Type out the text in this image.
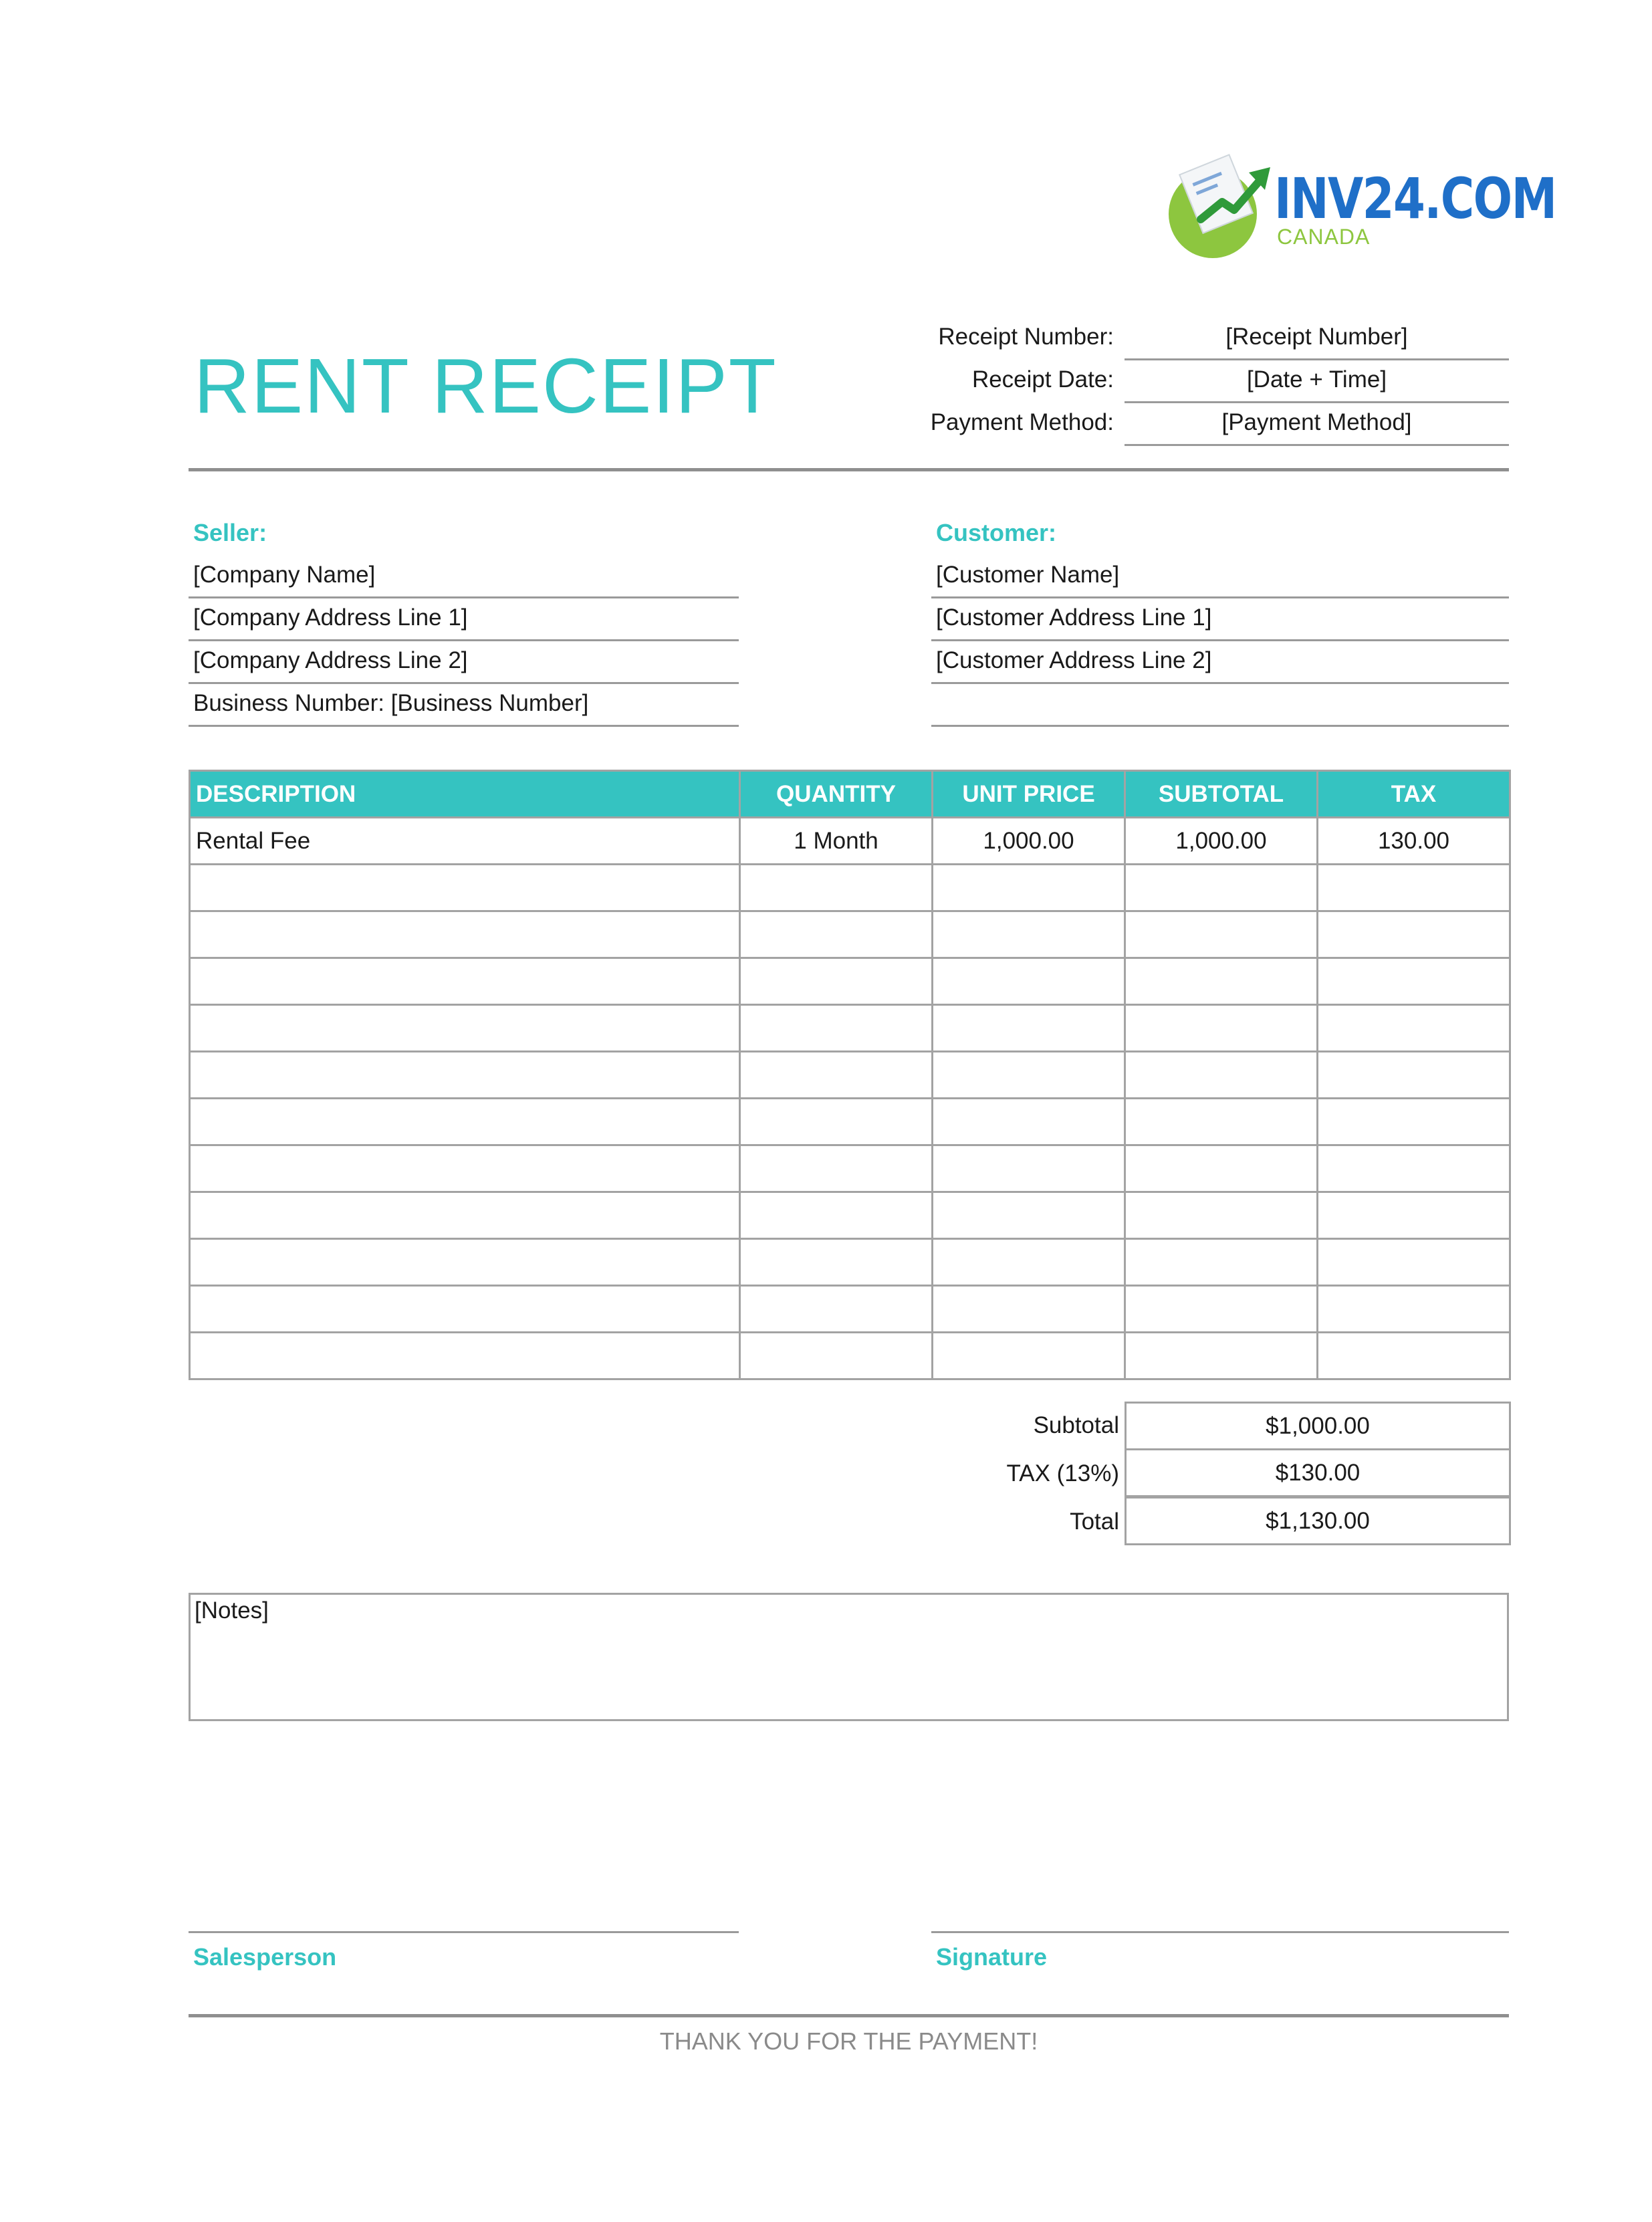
INV24.COM
CANADA
RENT RECEIPT
Receipt Number:	[Receipt Number]
Receipt Date:	[Date + Time]
Payment Method:	[Payment Method]
Seller:
[Company Name]
[Company Address Line 1]
[Company Address Line 2]
Business Number: [Business Number]
Customer:
[Customer Name]
[Customer Address Line 1]
[Customer Address Line 2]
DESCRIPTION	QUANTITY	UNIT PRICE	SUBTOTAL	TAX
Rental Fee	1 Month	1,000.00	1,000.00	130.00

Subtotal	$1,000.00
TAX (13%)	$130.00
Total	$1,130.00
[Notes]
Salesperson	Signature
THANK YOU FOR THE PAYMENT!
